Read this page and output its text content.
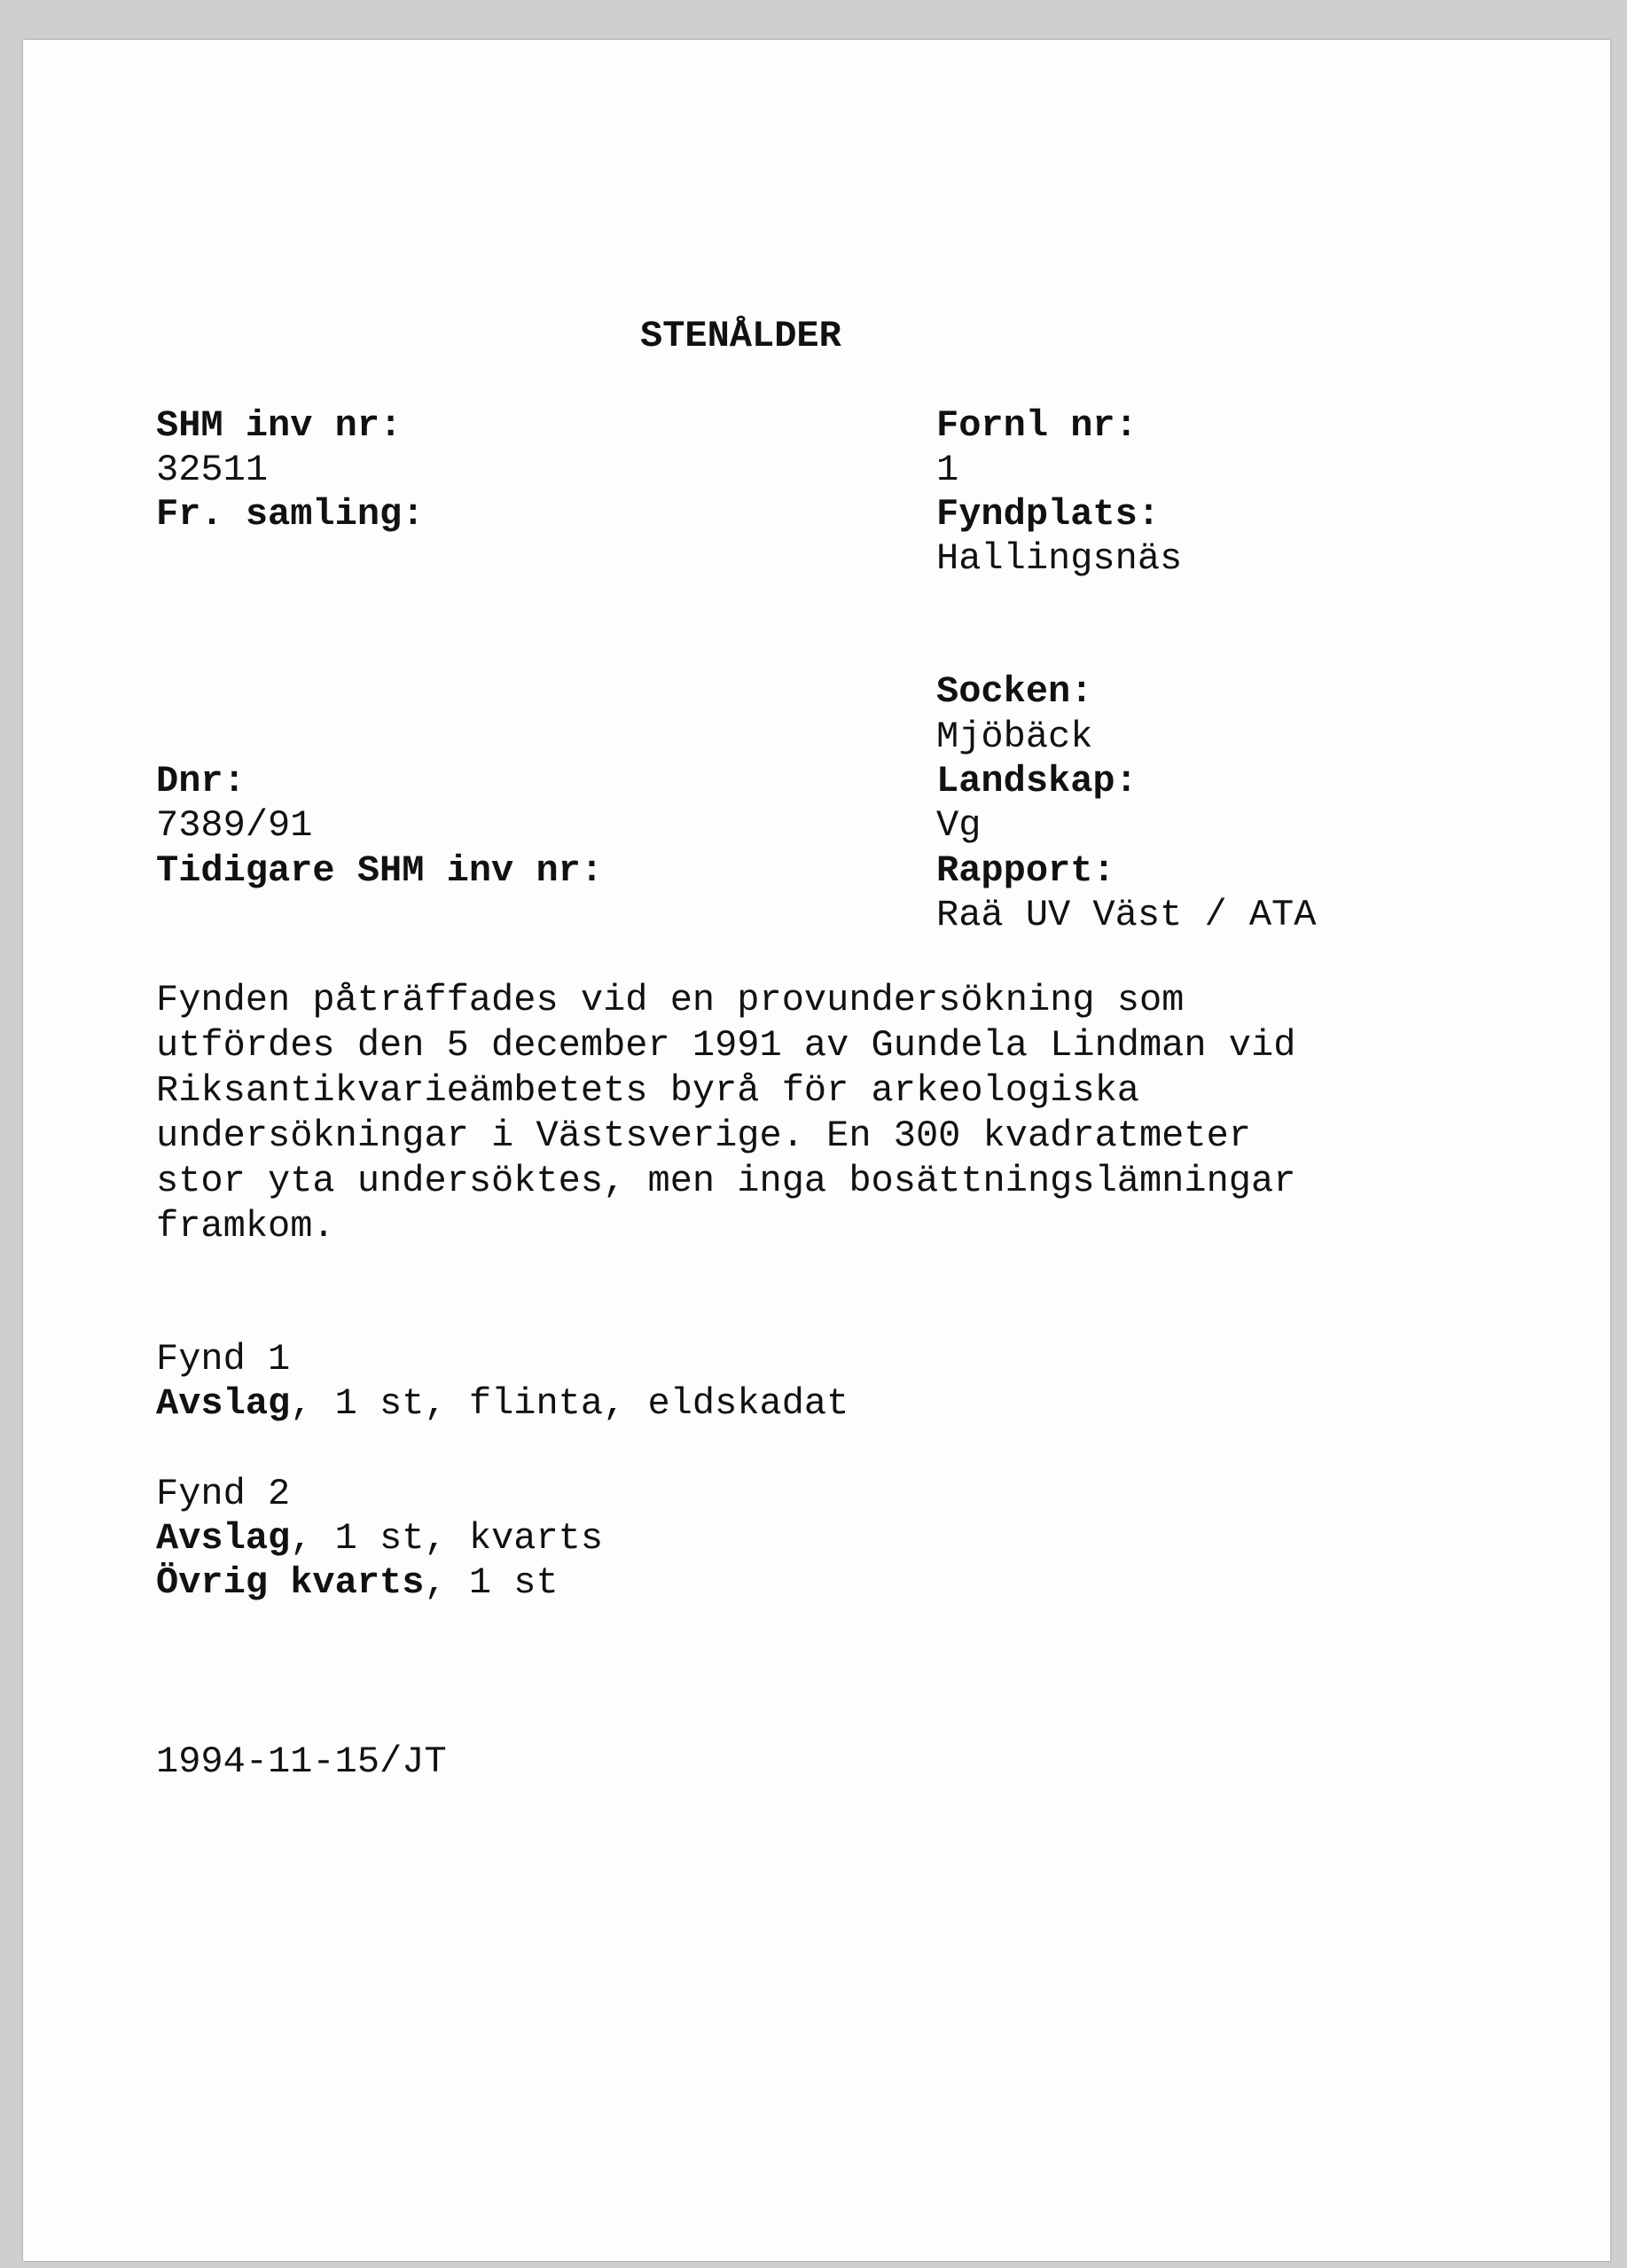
STENÅLDER
SHM inv nr:
32511
Fr. samling:
Dnr:
7389/91
Tidigare SHM inv nr:
Fornl nr:
1
Fyndplats:
Hallingsnäs
Socken:
Mjöbäck
Landskap:
Vg
Rapport:
Raä UV Väst / ATA
Fynden påträffades vid en provundersökning som
utfördes den 5 december 1991 av Gundela Lindman vid
Riksantikvarieämbetets byrå för arkeologiska
undersökningar i Västsverige. En 300 kvadratmeter
stor yta undersöktes, men inga bosättningslämningar
framkom.
Fynd 1
Avslag, 1 st, flinta, eldskadat
Fynd 2
Avslag, 1 st, kvarts
Övrig kvarts, 1 st
1994-11-15/JT
